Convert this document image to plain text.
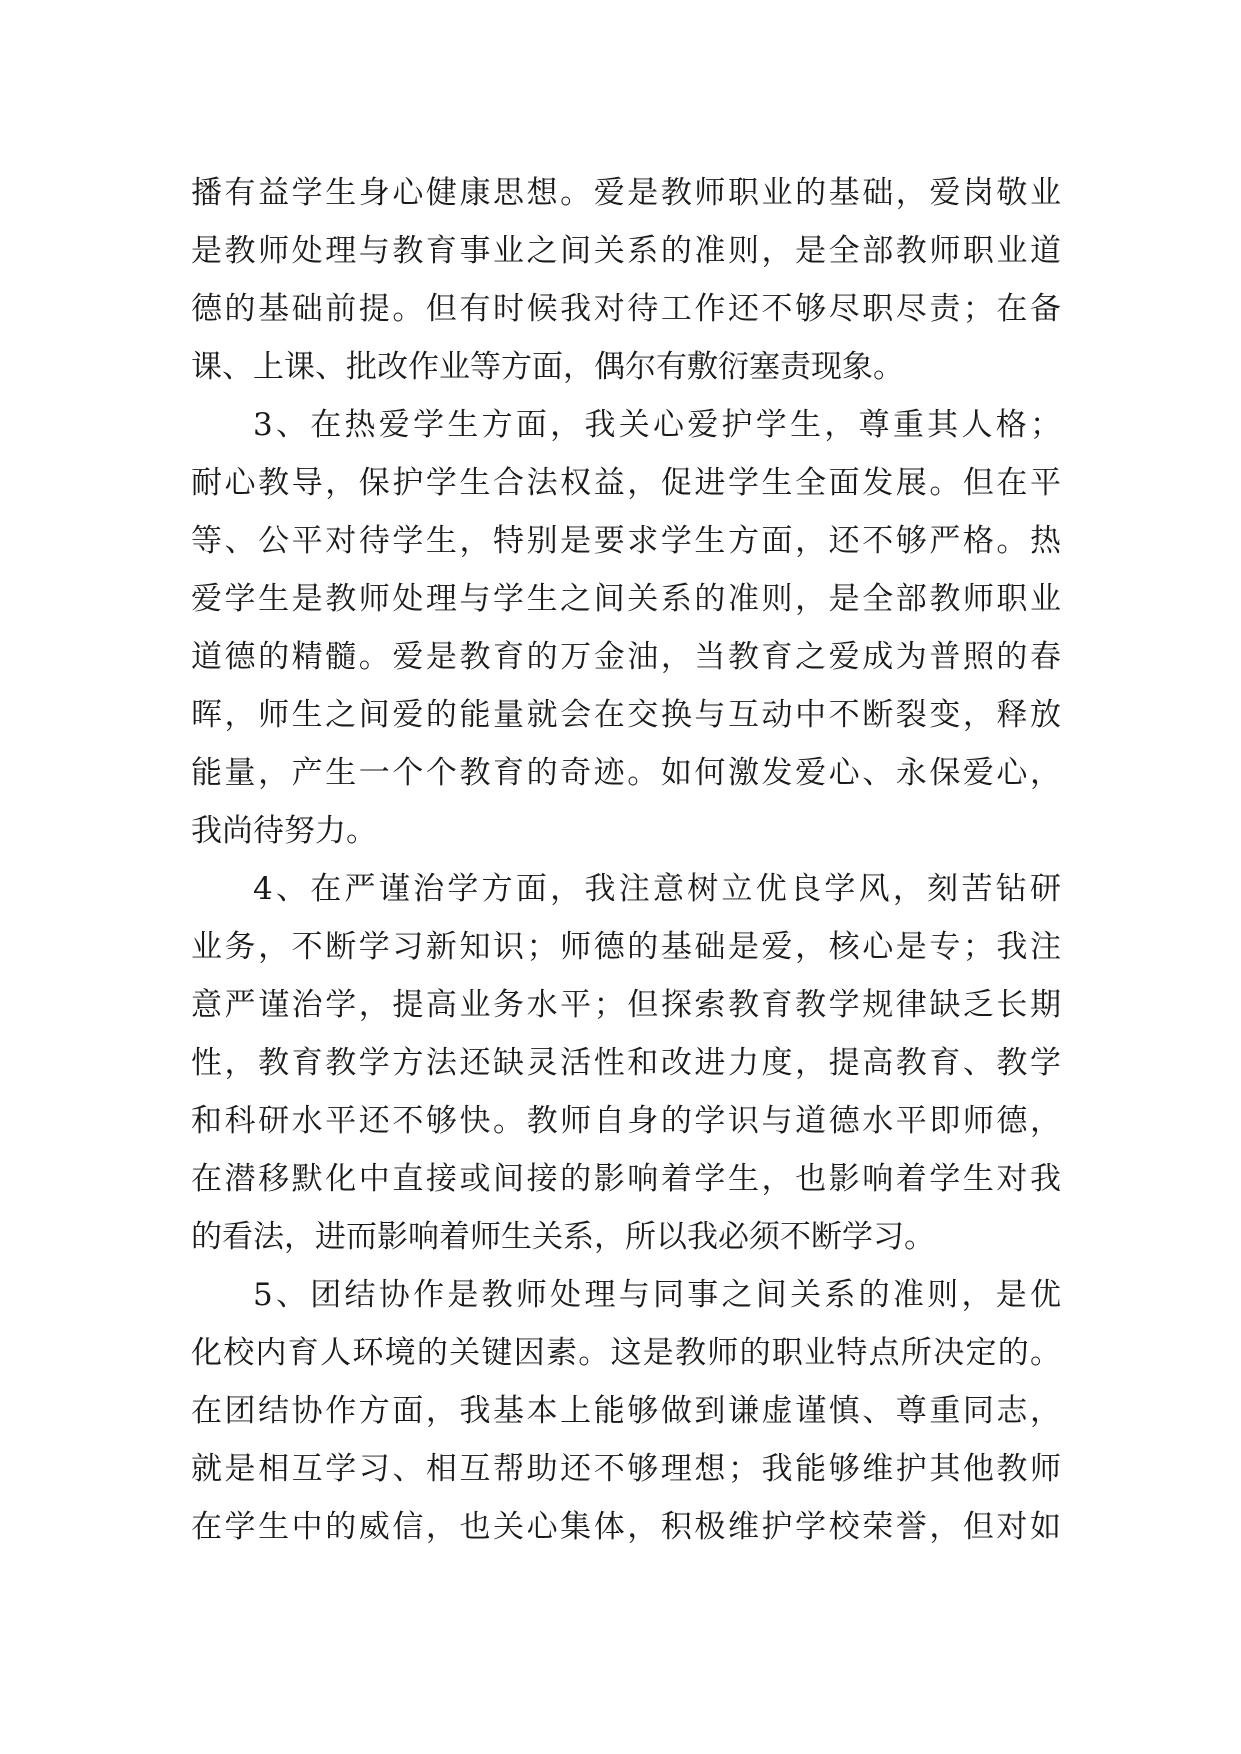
播有益学生身心健康思想。爱是教师职业的基础，爱岗敬业
是教师处理与教育事业之间关系的准则，是全部教师职业道
德的基础前提。但有时候我对待工作还不够尽职尽责；在备
课、上课、批改作业等方面，偶尔有敷衍塞责现象。
3、在热爱学生方面，我关心爱护学生，尊重其人格；
耐心教导，保护学生合法权益，促进学生全面发展。但在平
等、公平对待学生，特别是要求学生方面，还不够严格。热
爱学生是教师处理与学生之间关系的准则，是全部教师职业
道德的精髓。爱是教育的万金油，当教育之爱成为普照的春
晖，师生之间爱的能量就会在交换与互动中不断裂变，释放
能量，产生一个个教育的奇迹。如何激发爱心、永保爱心，
我尚待努力。
4、在严谨治学方面，我注意树立优良学风，刻苦钻研
业务，不断学习新知识；师德的基础是爱，核心是专；我注
意严谨治学，提高业务水平；但探索教育教学规律缺乏长期
性，教育教学方法还缺灵活性和改进力度，提高教育、教学
和科研水平还不够快。教师自身的学识与道德水平即师德，
在潜移默化中直接或间接的影响着学生，也影响着学生对我
的看法，进而影响着师生关系，所以我必须不断学习。
5、团结协作是教师处理与同事之间关系的准则，是优
化校内育人环境的关键因素。这是教师的职业特点所决定的。
在团结协作方面，我基本上能够做到谦虚谨慎、尊重同志，
就是相互学习、相互帮助还不够理想；我能够维护其他教师
在学生中的威信，也关心集体，积极维护学校荣誉，但对如
